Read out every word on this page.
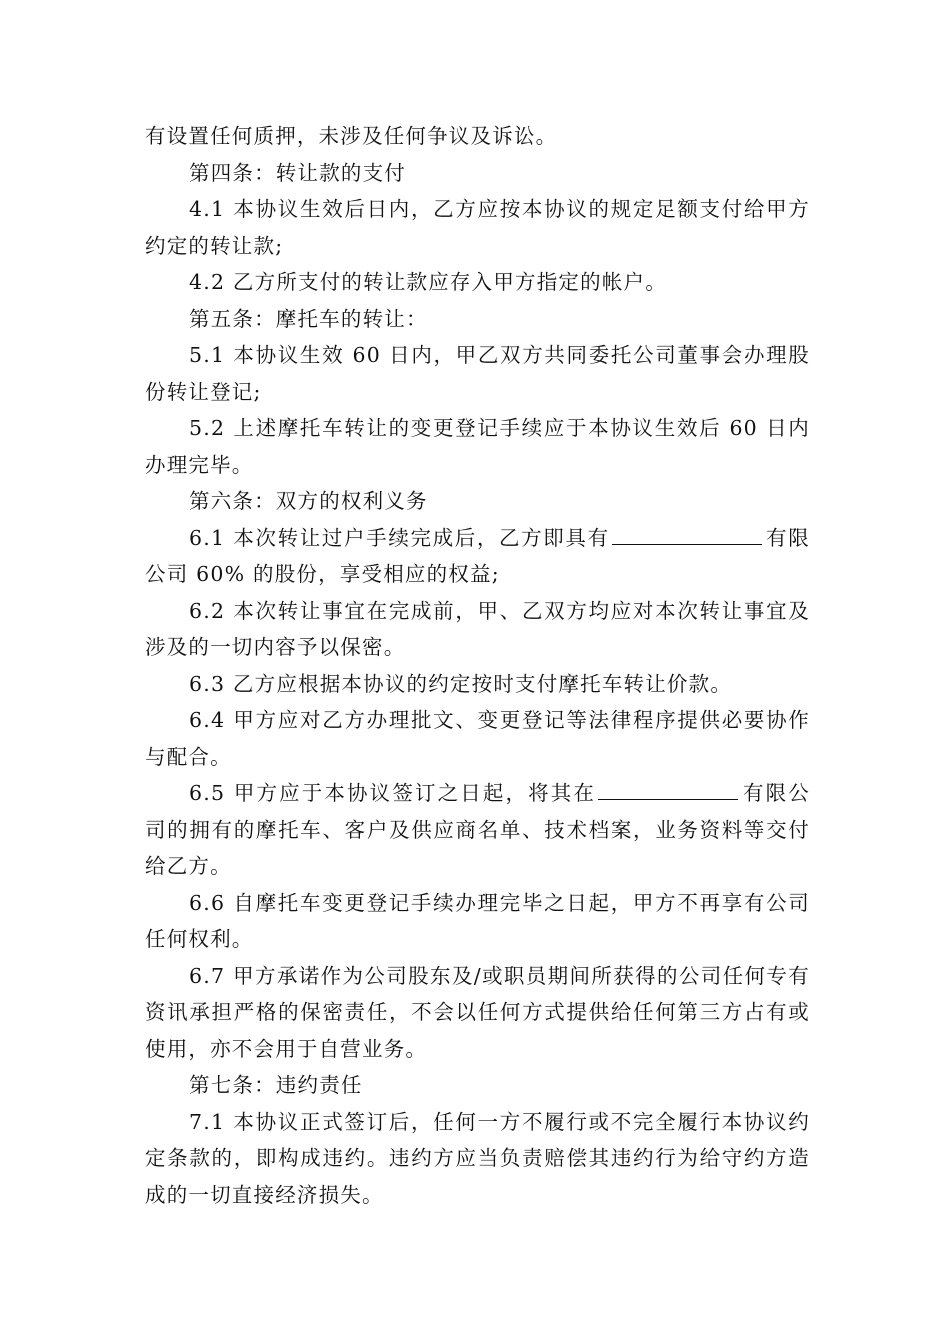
有设置任何质押，未涉及任何争议及诉讼。

第四条：转让款的支付

4.1 本协议生效后日内，乙方应按本协议的规定足额支付给甲方约定的转让款;

4.2 乙方所支付的转让款应存入甲方指定的帐户。

第五条：摩托车的转让：

5.1 本协议生效 60 日内，甲乙双方共同委托公司董事会办理股份转让登记;

5.2 上述摩托车转让的变更登记手续应于本协议生效后 60 日内办理完毕。

第六条：双方的权利义务

6.1 本次转让过户手续完成后，乙方即具有	有限公司 60% 的股份，享受相应的权益;

6.2 本次转让事宜在完成前，甲、乙双方均应对本次转让事宜及涉及的一切内容予以保密。

6.3 乙方应根据本协议的约定按时支付摩托车转让价款。

6.4 甲方应对乙方办理批文、变更登记等法律程序提供必要协作与配合。

6.5 甲方应于本协议签订之日起，将其在	有限公司的拥有的摩托车、客户及供应商名单、技术档案，业务资料等交付给乙方。

6.6 自摩托车变更登记手续办理完毕之日起，甲方不再享有公司任何权利。

6.7 甲方承诺作为公司股东及/或职员期间所获得的公司任何专有资讯承担严格的保密责任，不会以任何方式提供给任何第三方占有或使用，亦不会用于自营业务。

第七条：违约责任

7.1 本协议正式签订后，任何一方不履行或不完全履行本协议约定条款的，即构成违约。违约方应当负责赔偿其违约行为给守约方造成的一切直接经济损失。
